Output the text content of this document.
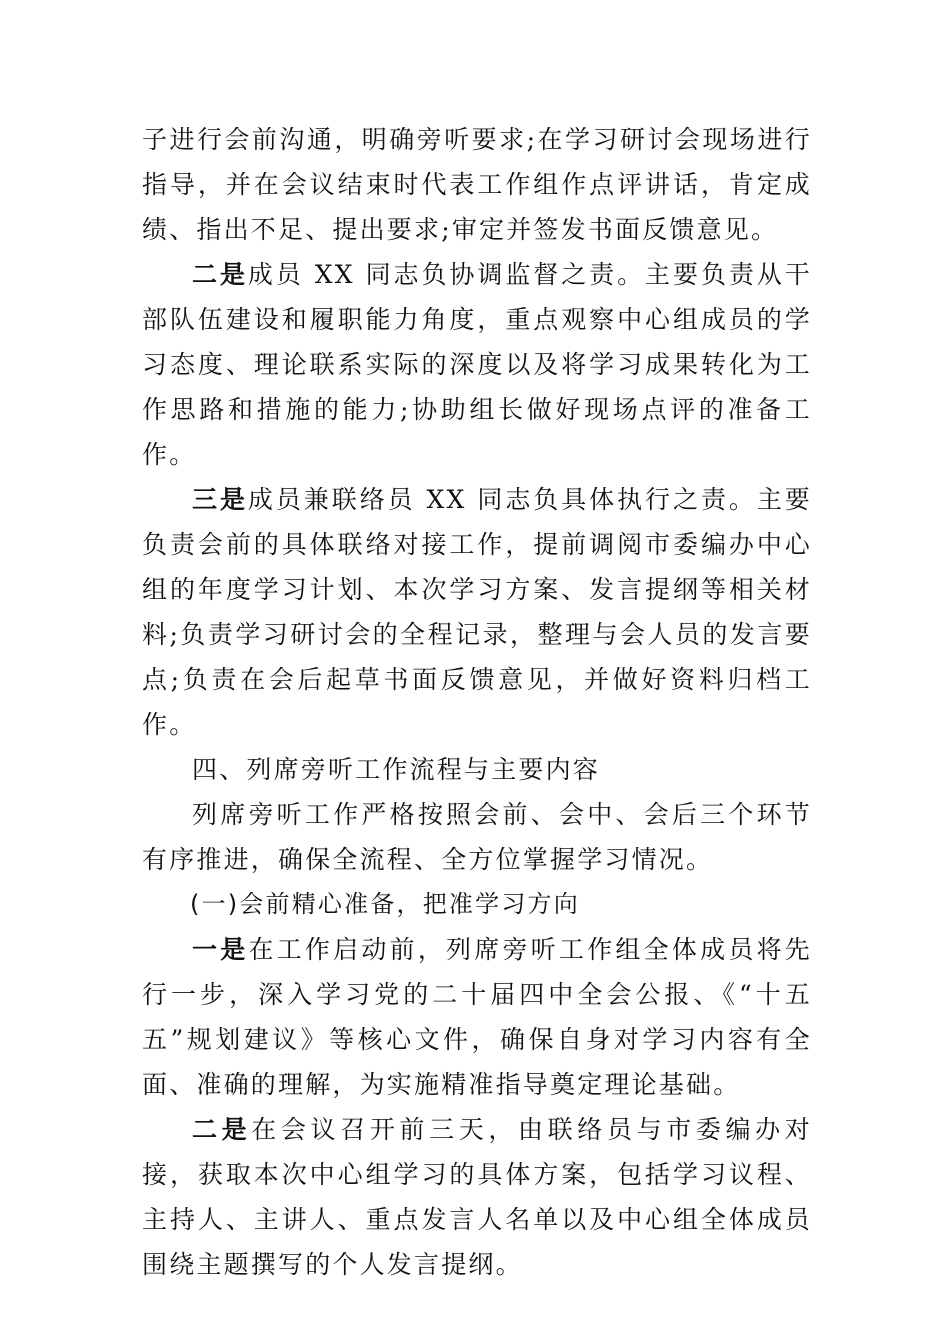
子进行会前沟通，明确旁听要求;在学习研讨会现场进行指导，并在会议结束时代表工作组作点评讲话，肯定成绩、指出不足、提出要求;审定并签发书面反馈意见。

二是成员 XX 同志负协调监督之责。主要负责从干部队伍建设和履职能力角度，重点观察中心组成员的学习态度、理论联系实际的深度以及将学习成果转化为工作思路和措施的能力;协助组长做好现场点评的准备工作。

三是成员兼联络员 XX 同志负具体执行之责。主要负责会前的具体联络对接工作，提前调阅市委编办中心组的年度学习计划、本次学习方案、发言提纲等相关材料;负责学习研讨会的全程记录，整理与会人员的发言要点;负责在会后起草书面反馈意见，并做好资料归档工作。

四、列席旁听工作流程与主要内容

列席旁听工作严格按照会前、会中、会后三个环节有序推进，确保全流程、全方位掌握学习情况。

(一)会前精心准备，把准学习方向

一是在工作启动前，列席旁听工作组全体成员将先行一步，深入学习党的二十届四中全会公报、《“十五五”规划建议》等核心文件，确保自身对学习内容有全面、准确的理解，为实施精准指导奠定理论基础。

二是在会议召开前三天，由联络员与市委编办对接，获取本次中心组学习的具体方案，包括学习议程、主持人、主讲人、重点发言人名单以及中心组全体成员围绕主题撰写的个人发言提纲。
